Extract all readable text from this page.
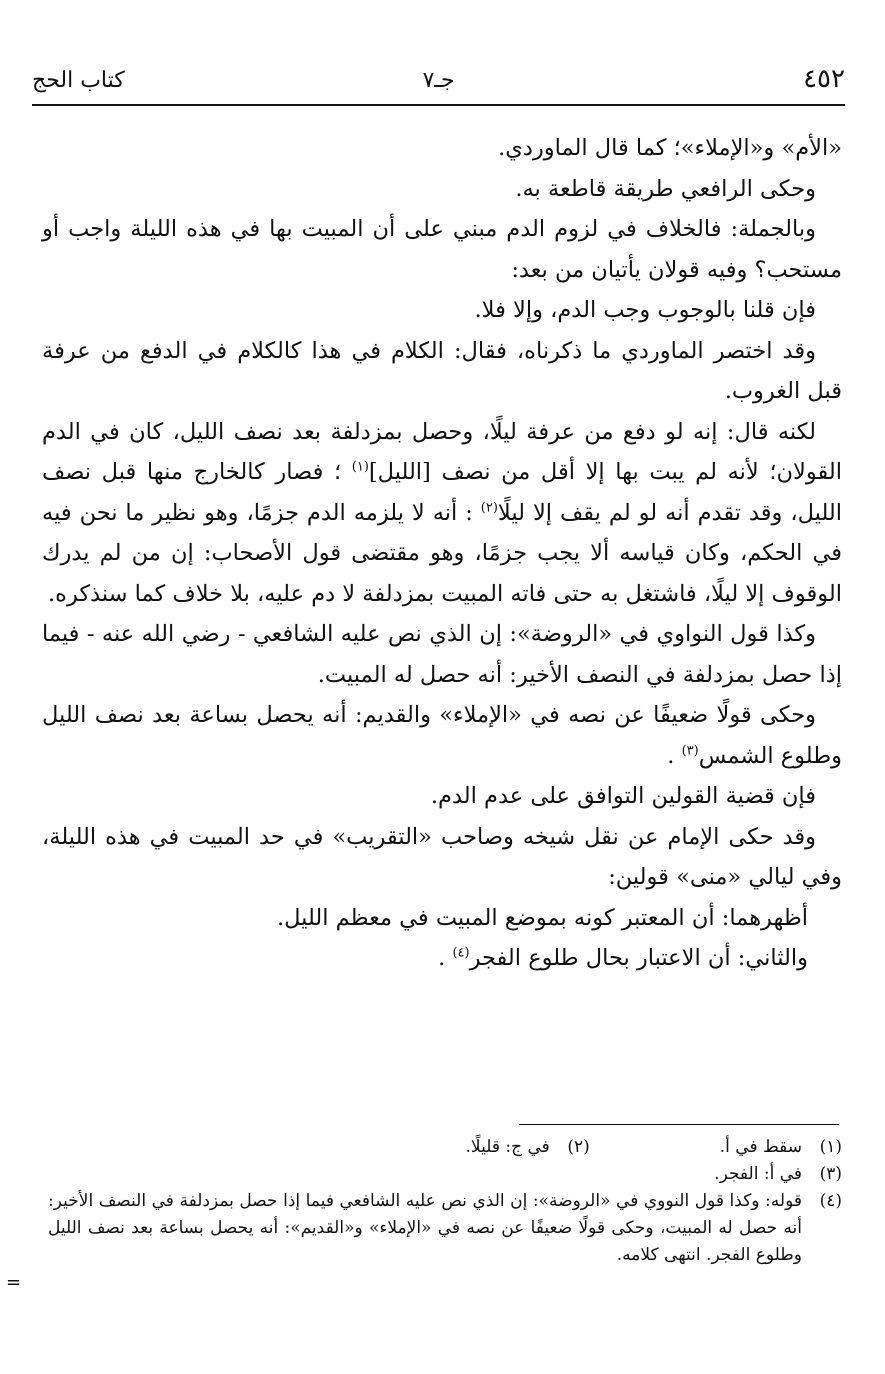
كتاب الحج	جـ٧	٤٥٢

«الأم» و«الإملاء»؛ كما قال الماوردي.

وحكى الرافعي طريقة قاطعة به.

وبالجملة: فالخلاف في لزوم الدم مبني على أن المبيت بها في هذه الليلة واجب أو مستحب؟ وفيه قولان يأتيان من بعد:

فإن قلنا بالوجوب وجب الدم، وإلا فلا.

وقد اختصر الماوردي ما ذكرناه، فقال: الكلام في هذا كالكلام في الدفع من عرفة قبل الغروب.

لكنه قال: إنه لو دفع من عرفة ليلًا، وحصل بمزدلفة بعد نصف الليل، كان في الدم القولان؛ لأنه لم يبت بها إلا أقل من نصف [الليل]$^{(١)}$ ؛ فصار كالخارج منها قبل نصف الليل، وقد تقدم أنه لو لم يقف إلا ليلًا$^{(٢)}$ : أنه لا يلزمه الدم جزمًا، وهو نظير ما نحن فيه في الحكم، وكان قياسه ألا يجب جزمًا، وهو مقتضى قول الأصحاب: إن من لم يدرك الوقوف إلا ليلًا، فاشتغل به حتى فاته المبيت بمزدلفة لا دم عليه، بلا خلاف كما سنذكره.

وكذا قول النواوي في «الروضة»: إن الذي نص عليه الشافعي - رضي الله عنه - فيما إذا حصل بمزدلفة في النصف الأخير: أنه حصل له المبيت.

وحكى قولًا ضعيفًا عن نصه في «الإملاء» والقديم: أنه يحصل بساعة بعد نصف الليل وطلوع الشمس$^{(٣)}$ .

فإن قضية القولين التوافق على عدم الدم.

وقد حكى الإمام عن نقل شيخه وصاحب «التقريب» في حد المبيت في هذه الليلة، وفي ليالي «منى» قولين:

أظهرهما: أن المعتبر كونه بموضع المبيت في معظم الليل.

والثاني: أن الاعتبار بحال طلوع الفجر$^{(٤)}$ .

(١)
سقط في أ.
(٢)
في ج: قليلًا.
(٣)
في أ: الفجر.
(٤)
قوله: وكذا قول النووي في «الروضة»: إن الذي نص عليه الشافعي فيما إذا حصل بمزدلفة في النصف الأخير: أنه حصل له المبيت، وحكى قولًا ضعيفًا عن نصه في «الإملاء» و«القديم»: أنه يحصل بساعة بعد نصف الليل وطلوع الفجر. انتهى كلامه.
=
